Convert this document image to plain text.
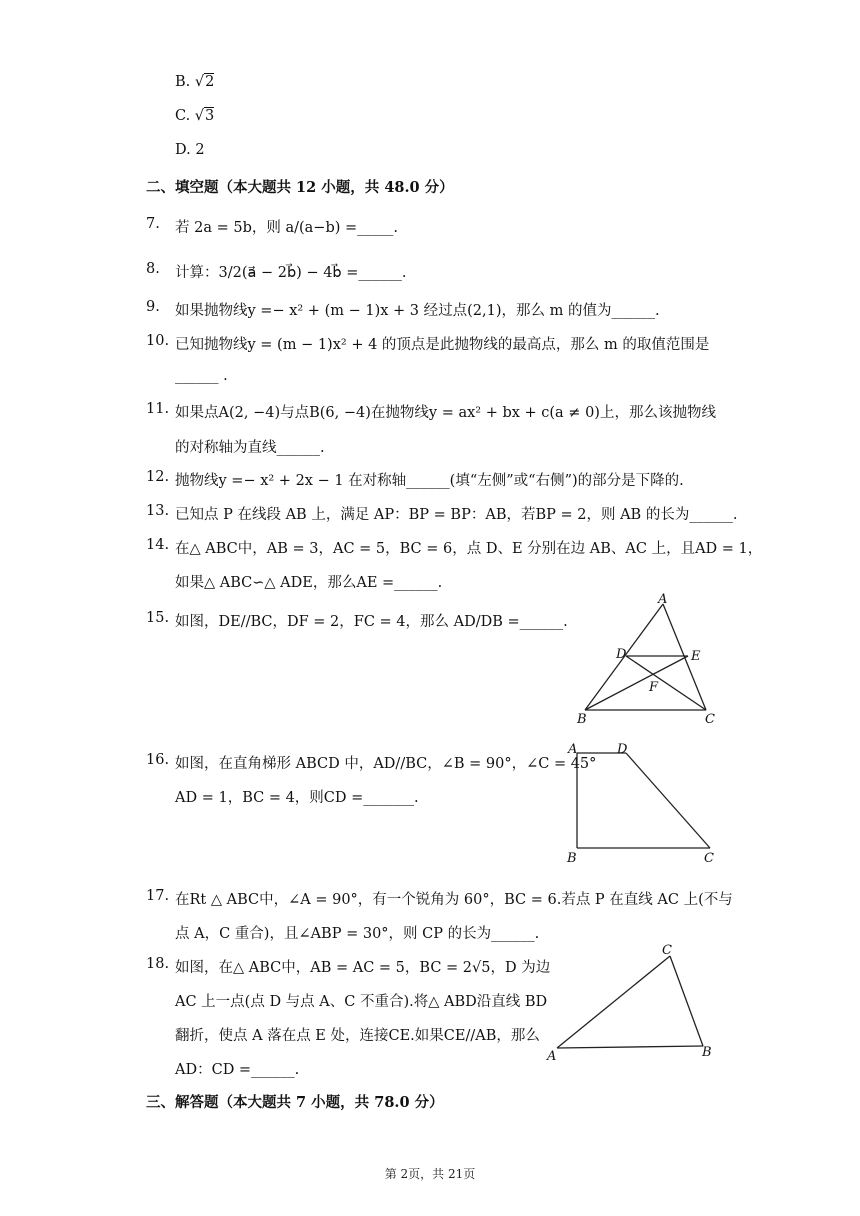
B. √2
C. √3
D. 2
二、填空题（本大题共 12 小题，共 48.0 分）
7. 若 2a = 5b，则 a/(a−b) =_____.
8. 计算：3/2(a⃗ − 2b⃗) − 4b⃗ =______.
9. 如果抛物线y =− x² + (m − 1)x + 3 经过点(2,1)，那么 m 的值为______.
10. 已知抛物线y = (m − 1)x² + 4 的顶点是此抛物线的最高点，那么 m 的取值范围是
______ .
11. 如果点A(2, −4)与点B(6, −4)在抛物线y = ax² + bx + c(a ≠ 0)上，那么该抛物线
的对称轴为直线______.
12. 抛物线y =− x² + 2x − 1 在对称轴______(填“左侧”或“右侧”)的部分是下降的.
13. 已知点 P 在线段 AB 上，满足 AP：BP = BP：AB，若BP = 2，则 AB 的长为______.
14. 在△ ABC中，AB = 3，AC = 5，BC = 6，点 D、E 分别在边 AB、AC 上，且AD = 1，
如果△ ABC∽△ ADE，那么AE =______.
15. 如图，DE//BC，DF = 2，FC = 4，那么 AD/DB =______.
A
D	E
F
B	C
16. 如图，在直角梯形 ABCD 中，AD//BC，∠B = 90°，∠C = 45°
AD = 1，BC = 4，则CD =_______.
A	D
B	C
17. 在Rt △ ABC中，∠A = 90°，有一个锐角为 60°，BC = 6.若点 P 在直线 AC 上(不与
点 A，C 重合)，且∠ABP = 30°，则 CP 的长为______.
18. 如图，在△ ABC中，AB = AC = 5，BC = 2√5，D 为边
AC 上一点(点 D 与点 A、C 不重合).将△ ABD沿直线 BD
翻折，使点 A 落在点 E 处，连接CE.如果CE//AB，那么
AD：CD =______.
C
A	B
三、解答题（本大题共 7 小题，共 78.0 分）
第 2页，共 21页
